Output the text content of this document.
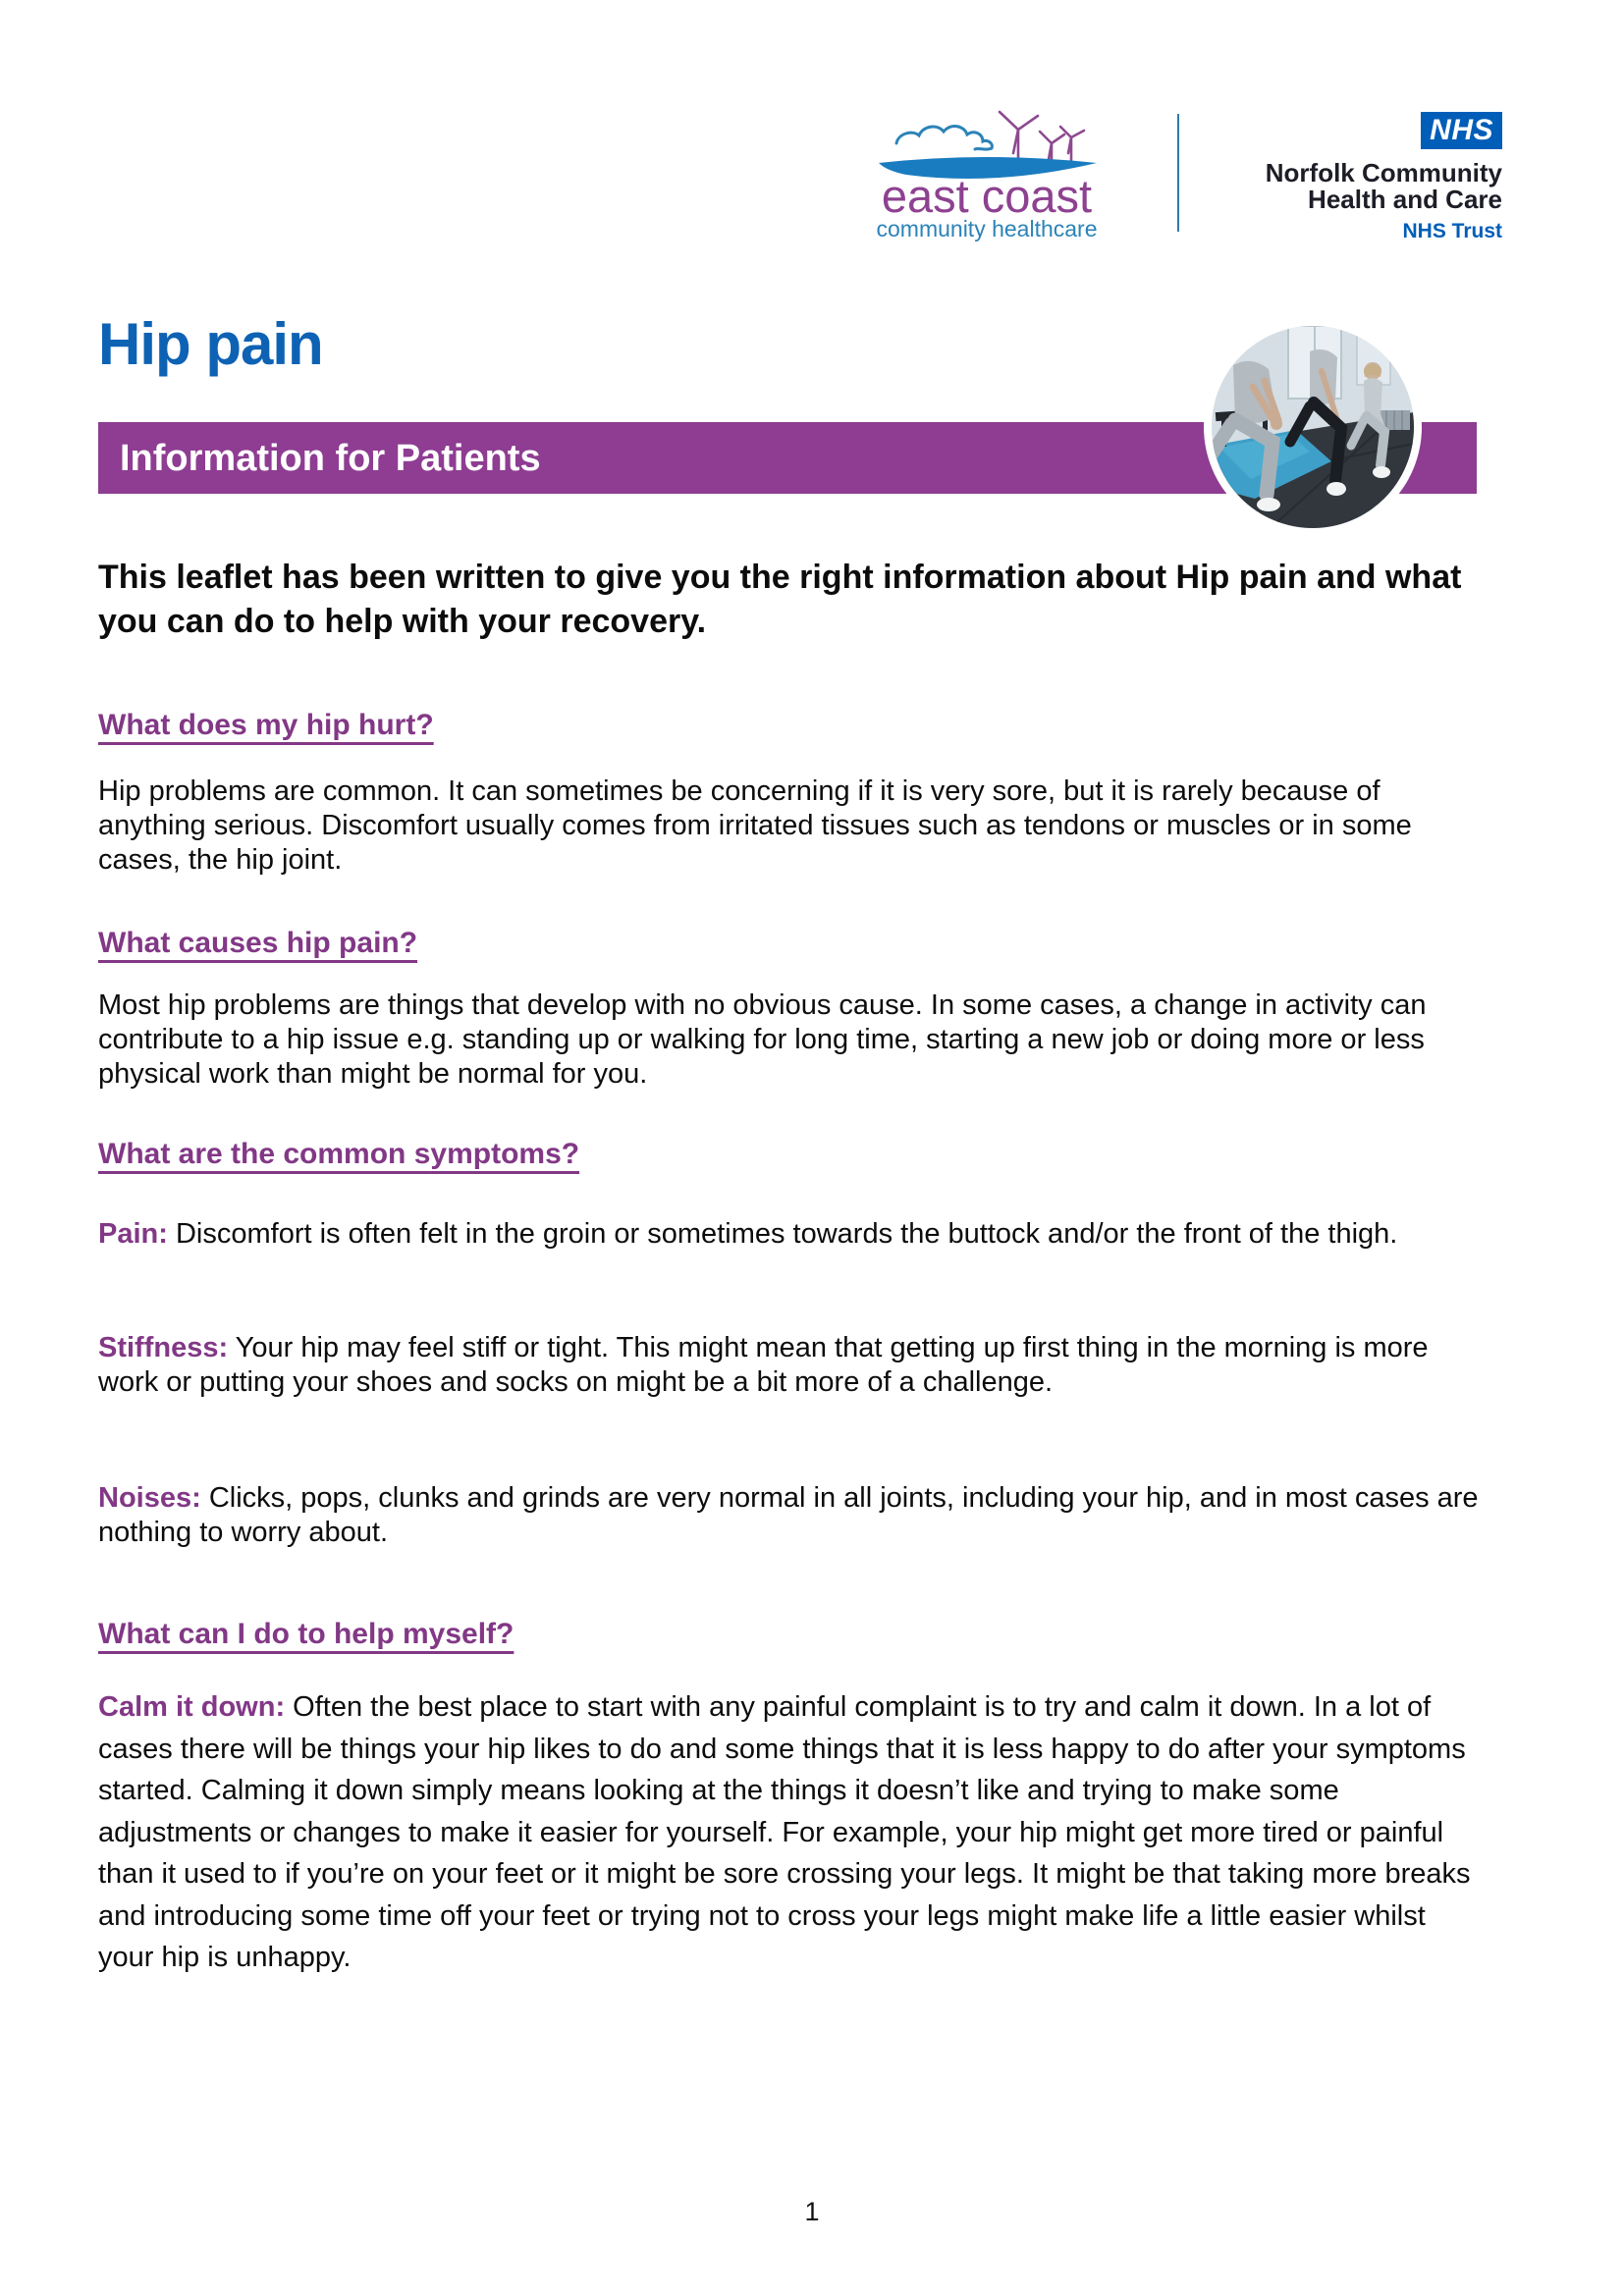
east coast
community healthcare
NHS
Norfolk Community
Health and Care
NHS Trust
Hip pain
Information for Patients

This leaflet has been written to give you the right information about Hip pain and what you can do to help with your recovery.

What does my hip hurt?

Hip problems are common. It can sometimes be concerning if it is very sore, but it is rarely because of anything serious. Discomfort usually comes from irritated tissues such as tendons or muscles or in some cases, the hip joint.

What causes hip pain?

Most hip problems are things that develop with no obvious cause. In some cases, a change in activity can contribute to a hip issue e.g. standing up or walking for long time, starting a new job or doing more or less physical work than might be normal for you.

What are the common symptoms?

Pain: Discomfort is often felt in the groin or sometimes towards the buttock and/or the front of the thigh.

Stiffness: Your hip may feel stiff or tight. This might mean that getting up first thing in the morning is more work or putting your shoes and socks on might be a bit more of a challenge.

Noises: Clicks, pops, clunks and grinds are very normal in all joints, including your hip, and in most cases are nothing to worry about.

What can I do to help myself?

Calm it down: Often the best place to start with any painful complaint is to try and calm it down. In a lot of cases there will be things your hip likes to do and some things that it is less happy to do after your symptoms started. Calming it down simply means looking at the things it doesn’t like and trying to make some adjustments or changes to make it easier for yourself. For example, your hip might get more tired or painful than it used to if you’re on your feet or it might be sore crossing your legs. It might be that taking more breaks and introducing some time off your feet or trying not to cross your legs might make life a little easier whilst your hip is unhappy.

1
